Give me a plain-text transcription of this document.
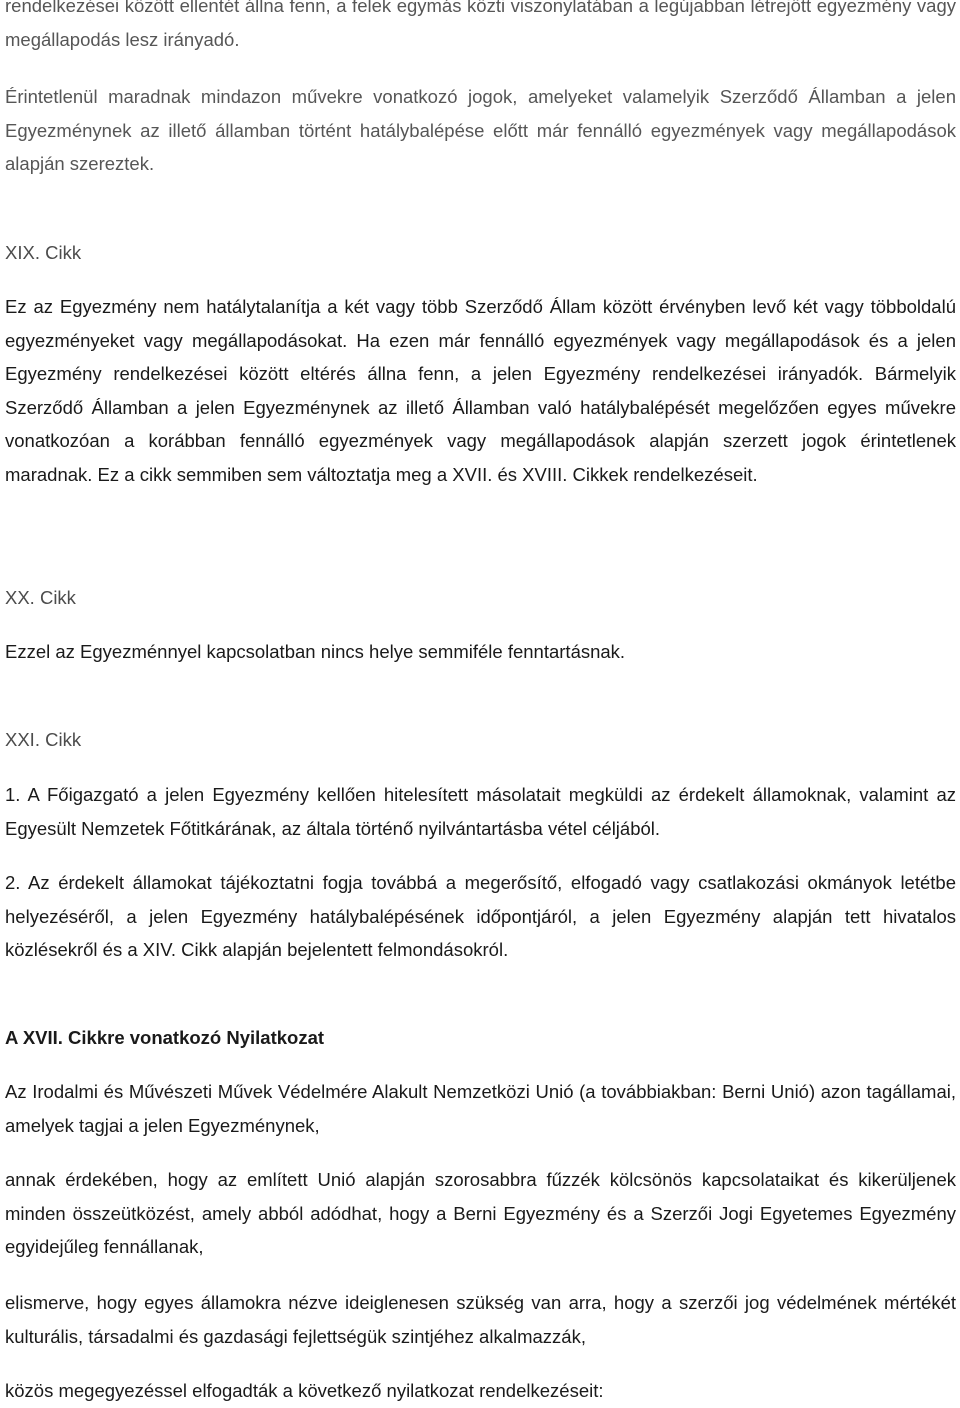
rendelkezései között ellentét állna fenn, a felek egymás közti viszonylatában a legújabban létrejött egyezmény vagy megállapodás lesz irányadó.

Érintetlenül maradnak mindazon művekre vonatkozó jogok, amelyeket valamelyik Szerződő Államban a jelen Egyezménynek az illető államban történt hatálybalépése előtt már fennálló egyezmények vagy megállapodások alapján szereztek.

XIX. Cikk

Ez az Egyezmény nem hatálytalanítja a két vagy több Szerződő Állam között érvényben levő két vagy többoldalú egyezményeket vagy megállapodásokat. Ha ezen már fennálló egyezmények vagy megállapodások és a jelen Egyezmény rendelkezései között eltérés állna fenn, a jelen Egyezmény rendelkezései irányadók. Bármelyik Szerződő Államban a jelen Egyezménynek az illető Államban való hatálybalépését megelőzően egyes művekre vonatkozóan a korábban fennálló egyezmények vagy megállapodások alapján szerzett jogok érintetlenek maradnak. Ez a cikk semmiben sem változtatja meg a XVII. és XVIII. Cikkek rendelkezéseit.

XX. Cikk

Ezzel az Egyezménnyel kapcsolatban nincs helye semmiféle fenntartásnak.

XXI. Cikk

1. A Főigazgató a jelen Egyezmény kellően hitelesített másolatait megküldi az érdekelt államoknak, valamint az Egyesült Nemzetek Főtitkárának, az általa történő nyilvántartásba vétel céljából.

2. Az érdekelt államokat tájékoztatni fogja továbbá a megerősítő, elfogadó vagy csatlakozási okmányok letétbe helyezéséről, a jelen Egyezmény hatálybalépésének időpontjáról, a jelen Egyezmény alapján tett hivatalos közlésekről és a XIV. Cikk alapján bejelentett felmondásokról.

A XVII. Cikkre vonatkozó Nyilatkozat

Az Irodalmi és Művészeti Művek Védelmére Alakult Nemzetközi Unió (a továbbiakban: Berni Unió) azon tagállamai, amelyek tagjai a jelen Egyezménynek,

annak érdekében, hogy az említett Unió alapján szorosabbra fűzzék kölcsönös kapcsolataikat és kikerüljenek minden összeütközést, amely abból adódhat, hogy a Berni Egyezmény és a Szerzői Jogi Egyetemes Egyezmény egyidejűleg fennállanak,

elismerve, hogy egyes államokra nézve ideiglenesen szükség van arra, hogy a szerzői jog védelmének mértékét kulturális, társadalmi és gazdasági fejlettségük szintjéhez alkalmazzák,

közös megegyezéssel elfogadták a következő nyilatkozat rendelkezéseit:
